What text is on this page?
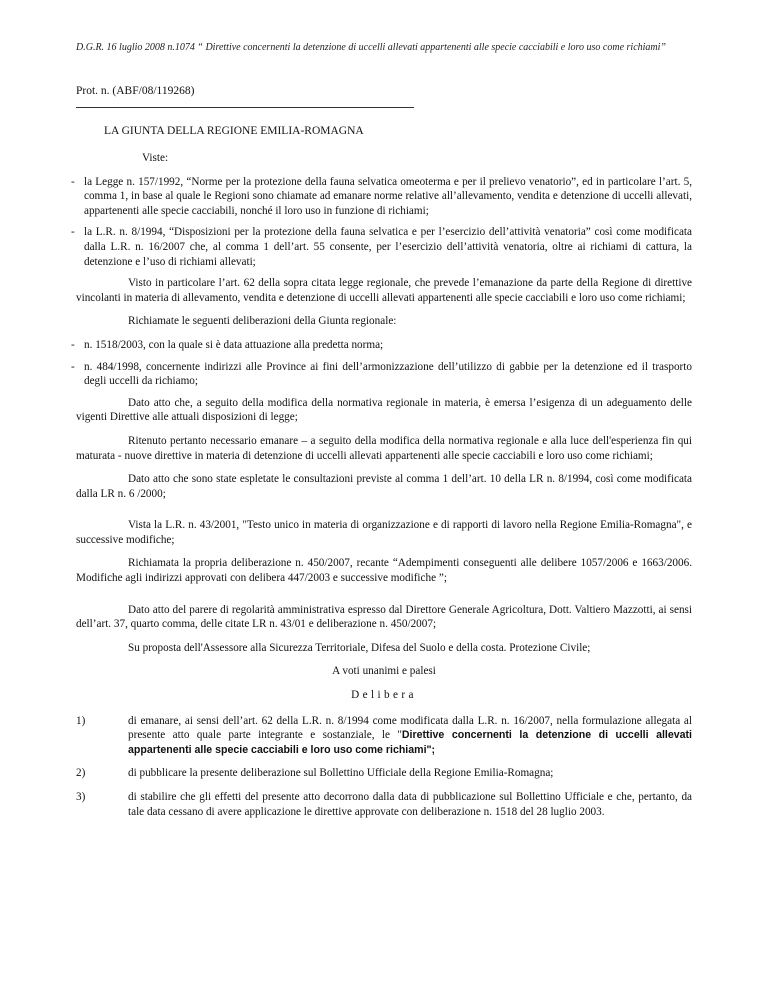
D.G.R. 16 luglio 2008 n.1074 “ Direttive concernenti la detenzione di uccelli allevati appartenenti alle specie cacciabili e loro uso come richiami”
Prot. n. (ABF/08/119268)
LA GIUNTA DELLA REGIONE EMILIA-ROMAGNA
Viste:
- la Legge n. 157/1992, “Norme per la protezione della fauna selvatica omeoterma e per il prelievo venatorio”, ed in particolare l’art. 5, comma 1, in base al quale le Regioni sono chiamate ad emanare norme relative all’allevamento, vendita e detenzione di uccelli allevati, appartenenti alle specie cacciabili, nonché il loro uso in funzione di richiami;
- la L.R. n. 8/1994, “Disposizioni per la protezione della fauna selvatica e per l’esercizio dell’attività venatoria” così come modificata dalla L.R. n. 16/2007 che, al comma 1 dell’art. 55 consente, per l’esercizio dell’attività venatoria, oltre ai richiami di cattura, la detenzione e l’uso di richiami allevati;
Visto in particolare l’art. 62 della sopra citata legge regionale, che prevede l’emanazione da parte della Regione di direttive vincolanti in materia di allevamento, vendita e detenzione di uccelli allevati appartenenti alle specie cacciabili e loro uso come richiami;
Richiamate le seguenti deliberazioni della Giunta regionale:
- n. 1518/2003, con la quale si è data attuazione alla predetta norma;
- n. 484/1998, concernente indirizzi alle Province ai fini dell’armonizzazione dell’utilizzo di gabbie per la detenzione ed il trasporto degli uccelli da richiamo;
Dato atto che, a seguito della modifica della normativa regionale in materia, è emersa l’esigenza di un adeguamento delle vigenti Direttive alle attuali disposizioni di legge;
Ritenuto pertanto necessario emanare – a seguito della modifica della normativa regionale e alla luce dell'esperienza fin qui maturata - nuove direttive in materia di detenzione di uccelli allevati appartenenti alle specie cacciabili e loro uso come richiami;
Dato atto che sono state espletate le consultazioni previste al comma 1 dell’art. 10 della LR n. 8/1994, così come modificata dalla LR n. 6 /2000;
Vista la L.R. n. 43/2001, "Testo unico in materia di organizzazione e di rapporti di lavoro nella Regione Emilia-Romagna", e successive modifiche;
Richiamata la propria deliberazione n. 450/2007, recante “Adempimenti conseguenti alle delibere 1057/2006 e 1663/2006. Modifiche agli indirizzi approvati con delibera 447/2003 e successive modifiche ”;
Dato atto del parere di regolarità amministrativa espresso dal Direttore Generale Agricoltura, Dott. Valtiero Mazzotti, ai sensi dell’art. 37, quarto comma, delle citate LR n. 43/01 e deliberazione n. 450/2007;
Su proposta dell'Assessore alla Sicurezza Territoriale, Difesa del Suolo e della costa. Protezione Civile;
A voti unanimi e palesi
Delibera
1)	di emanare, ai sensi dell’art. 62 della L.R. n. 8/1994 come modificata dalla L.R. n. 16/2007, nella formulazione allegata al presente atto quale parte integrante e sostanziale, le "Direttive concernenti la detenzione di uccelli allevati appartenenti alle specie cacciabili e loro uso come richiami";
2)	di pubblicare la presente deliberazione sul Bollettino Ufficiale della Regione Emilia-Romagna;
3)	di stabilire che gli effetti del presente atto decorrono dalla data di pubblicazione sul Bollettino Ufficiale e che, pertanto, da tale data cessano di avere applicazione le direttive approvate con deliberazione n. 1518 del 28 luglio 2003.
